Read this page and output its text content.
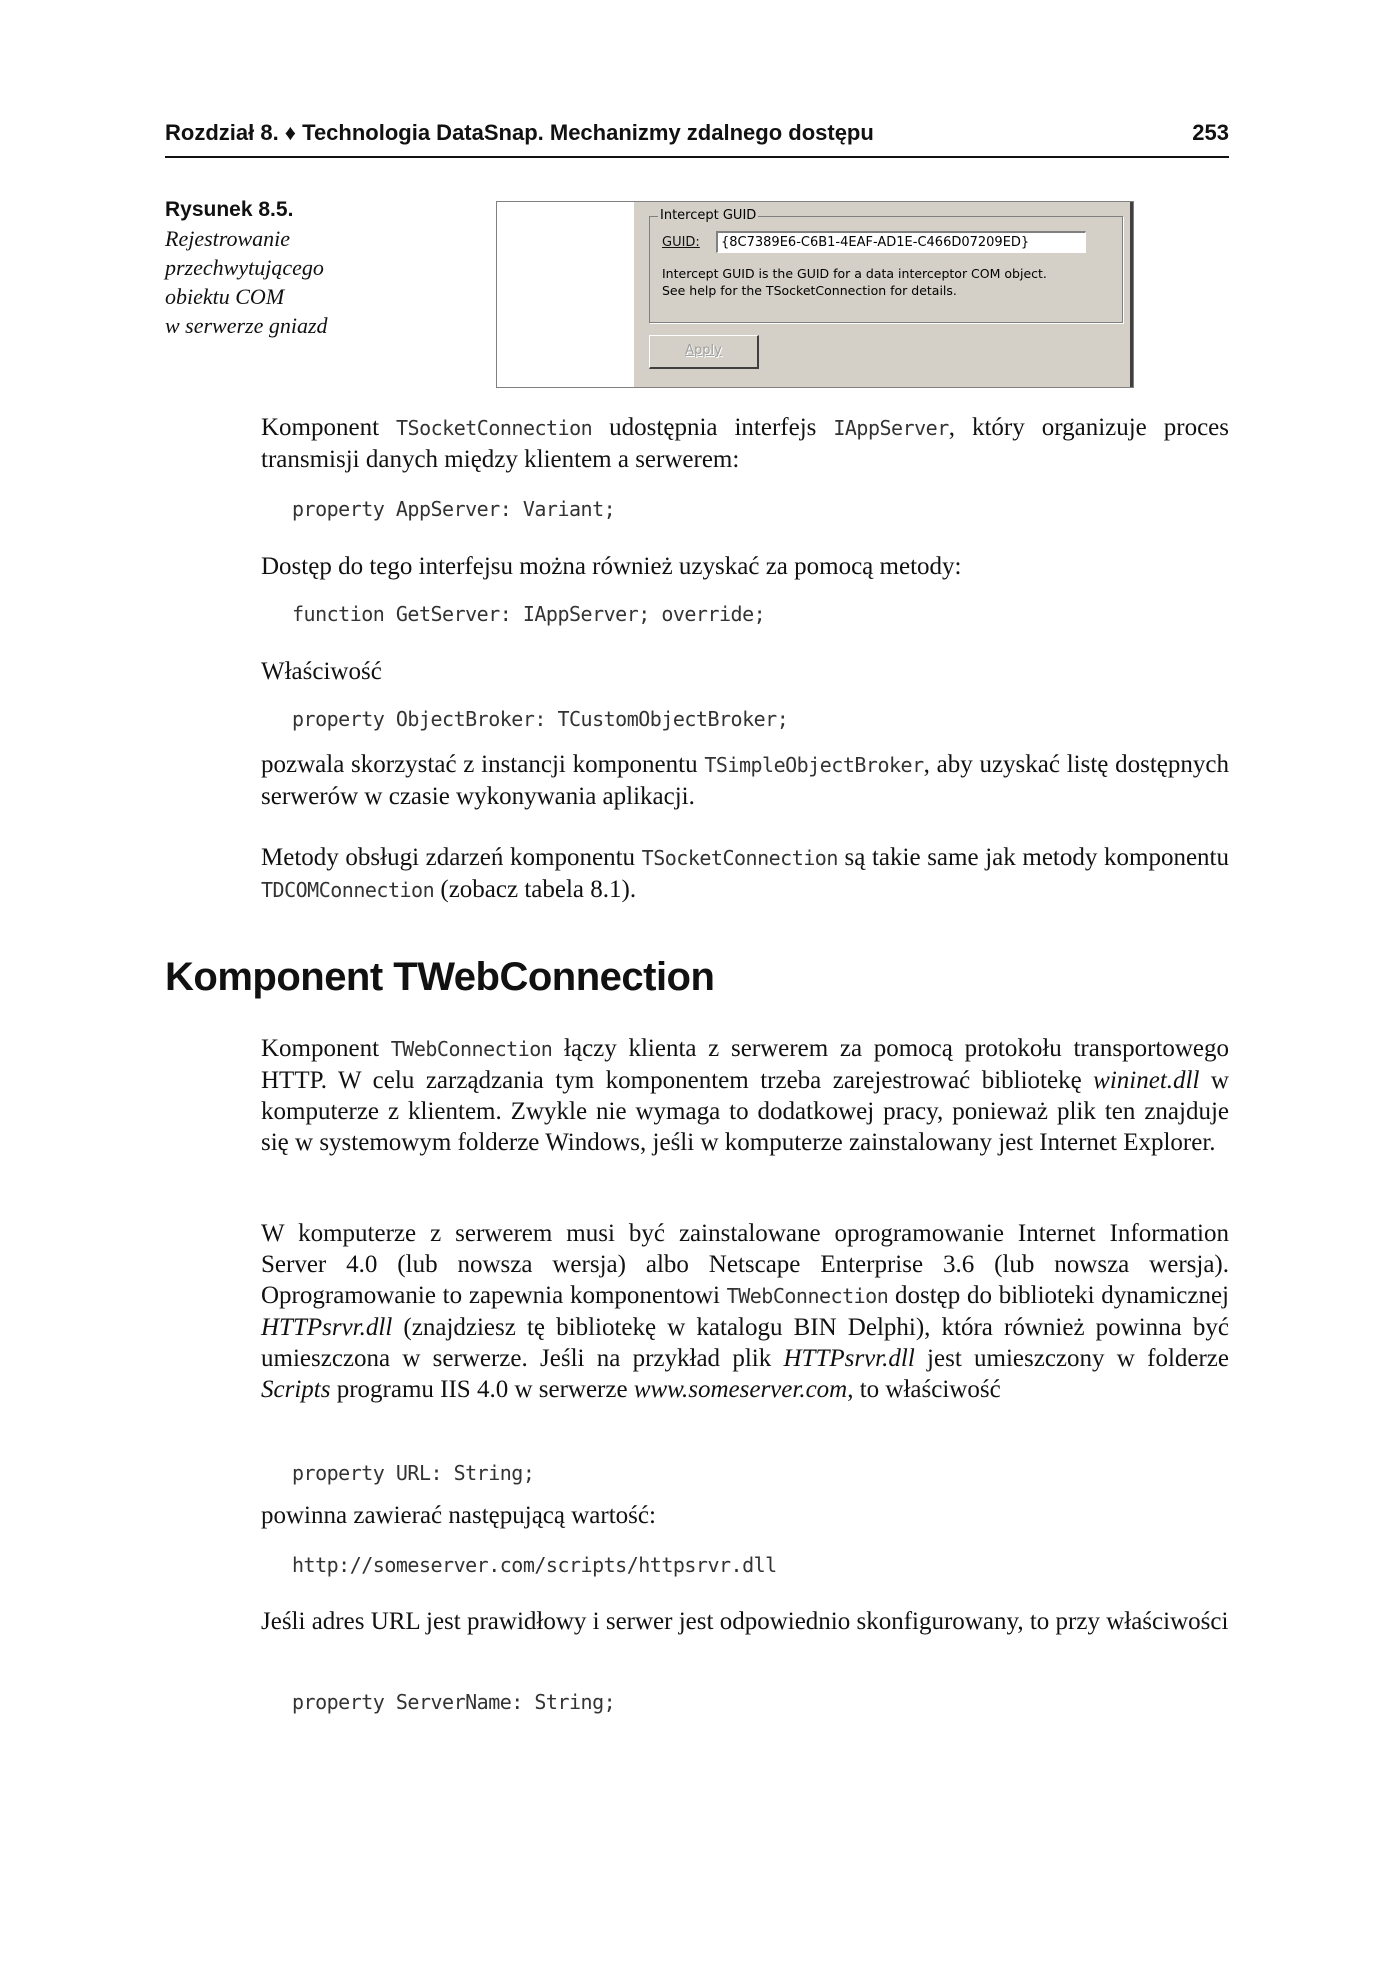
Rozdział 8. ♦ Technologia DataSnap. Mechanizmy zdalnego dostępu	253
Rysunek 8.5.
Rejestrowanie
przechwytującego
obiektu COM
w serwerze gniazd
Intercept GUID
GUID:	{8C7389E6-C6B1-4EAF-AD1E-C466D07209ED}
Intercept GUID is the GUID for a data interceptor COM object.
See help for the TSocketConnection for details.
Apply

Komponent TSocketConnection udostępnia interfejs IAppServer, który organizuje proces transmisji danych między klientem a serwerem:

property AppServer: Variant;

Dostęp do tego interfejsu można również uzyskać za pomocą metody:

function GetServer: IAppServer; override;

Właściwość

property ObjectBroker: TCustomObjectBroker;

pozwala skorzystać z instancji komponentu TSimpleObjectBroker, aby uzyskać listę dostępnych serwerów w czasie wykonywania aplikacji.

Metody obsługi zdarzeń komponentu TSocketConnection są takie same jak metody komponentu TDCOMConnection (zobacz tabela 8.1).

Komponent TWebConnection

Komponent TWebConnection łączy klienta z serwerem za pomocą protokołu transportowego HTTP. W celu zarządzania tym komponentem trzeba zarejestrować bibliotekę wininet.dll w komputerze z klientem. Zwykle nie wymaga to dodatkowej pracy, ponieważ plik ten znajduje się w systemowym folderze Windows, jeśli w komputerze zainstalowany jest Internet Explorer.

W komputerze z serwerem musi być zainstalowane oprogramowanie Internet Information Server 4.0 (lub nowsza wersja) albo Netscape Enterprise 3.6 (lub nowsza wersja). Oprogramowanie to zapewnia komponentowi TWebConnection dostęp do biblioteki dynamicznej HTTPsrvr.dll (znajdziesz tę bibliotekę w katalogu BIN Delphi), która również powinna być umieszczona w serwerze. Jeśli na przykład plik HTTPsrvr.dll jest umieszczony w folderze Scripts programu IIS 4.0 w serwerze www.someserver.com, to właściwość

property URL: String;

powinna zawierać następującą wartość:

http://someserver.com/scripts/httpsrvr.dll

Jeśli adres URL jest prawidłowy i serwer jest odpowiednio skonfigurowany, to przy właściwości

property ServerName: String;
